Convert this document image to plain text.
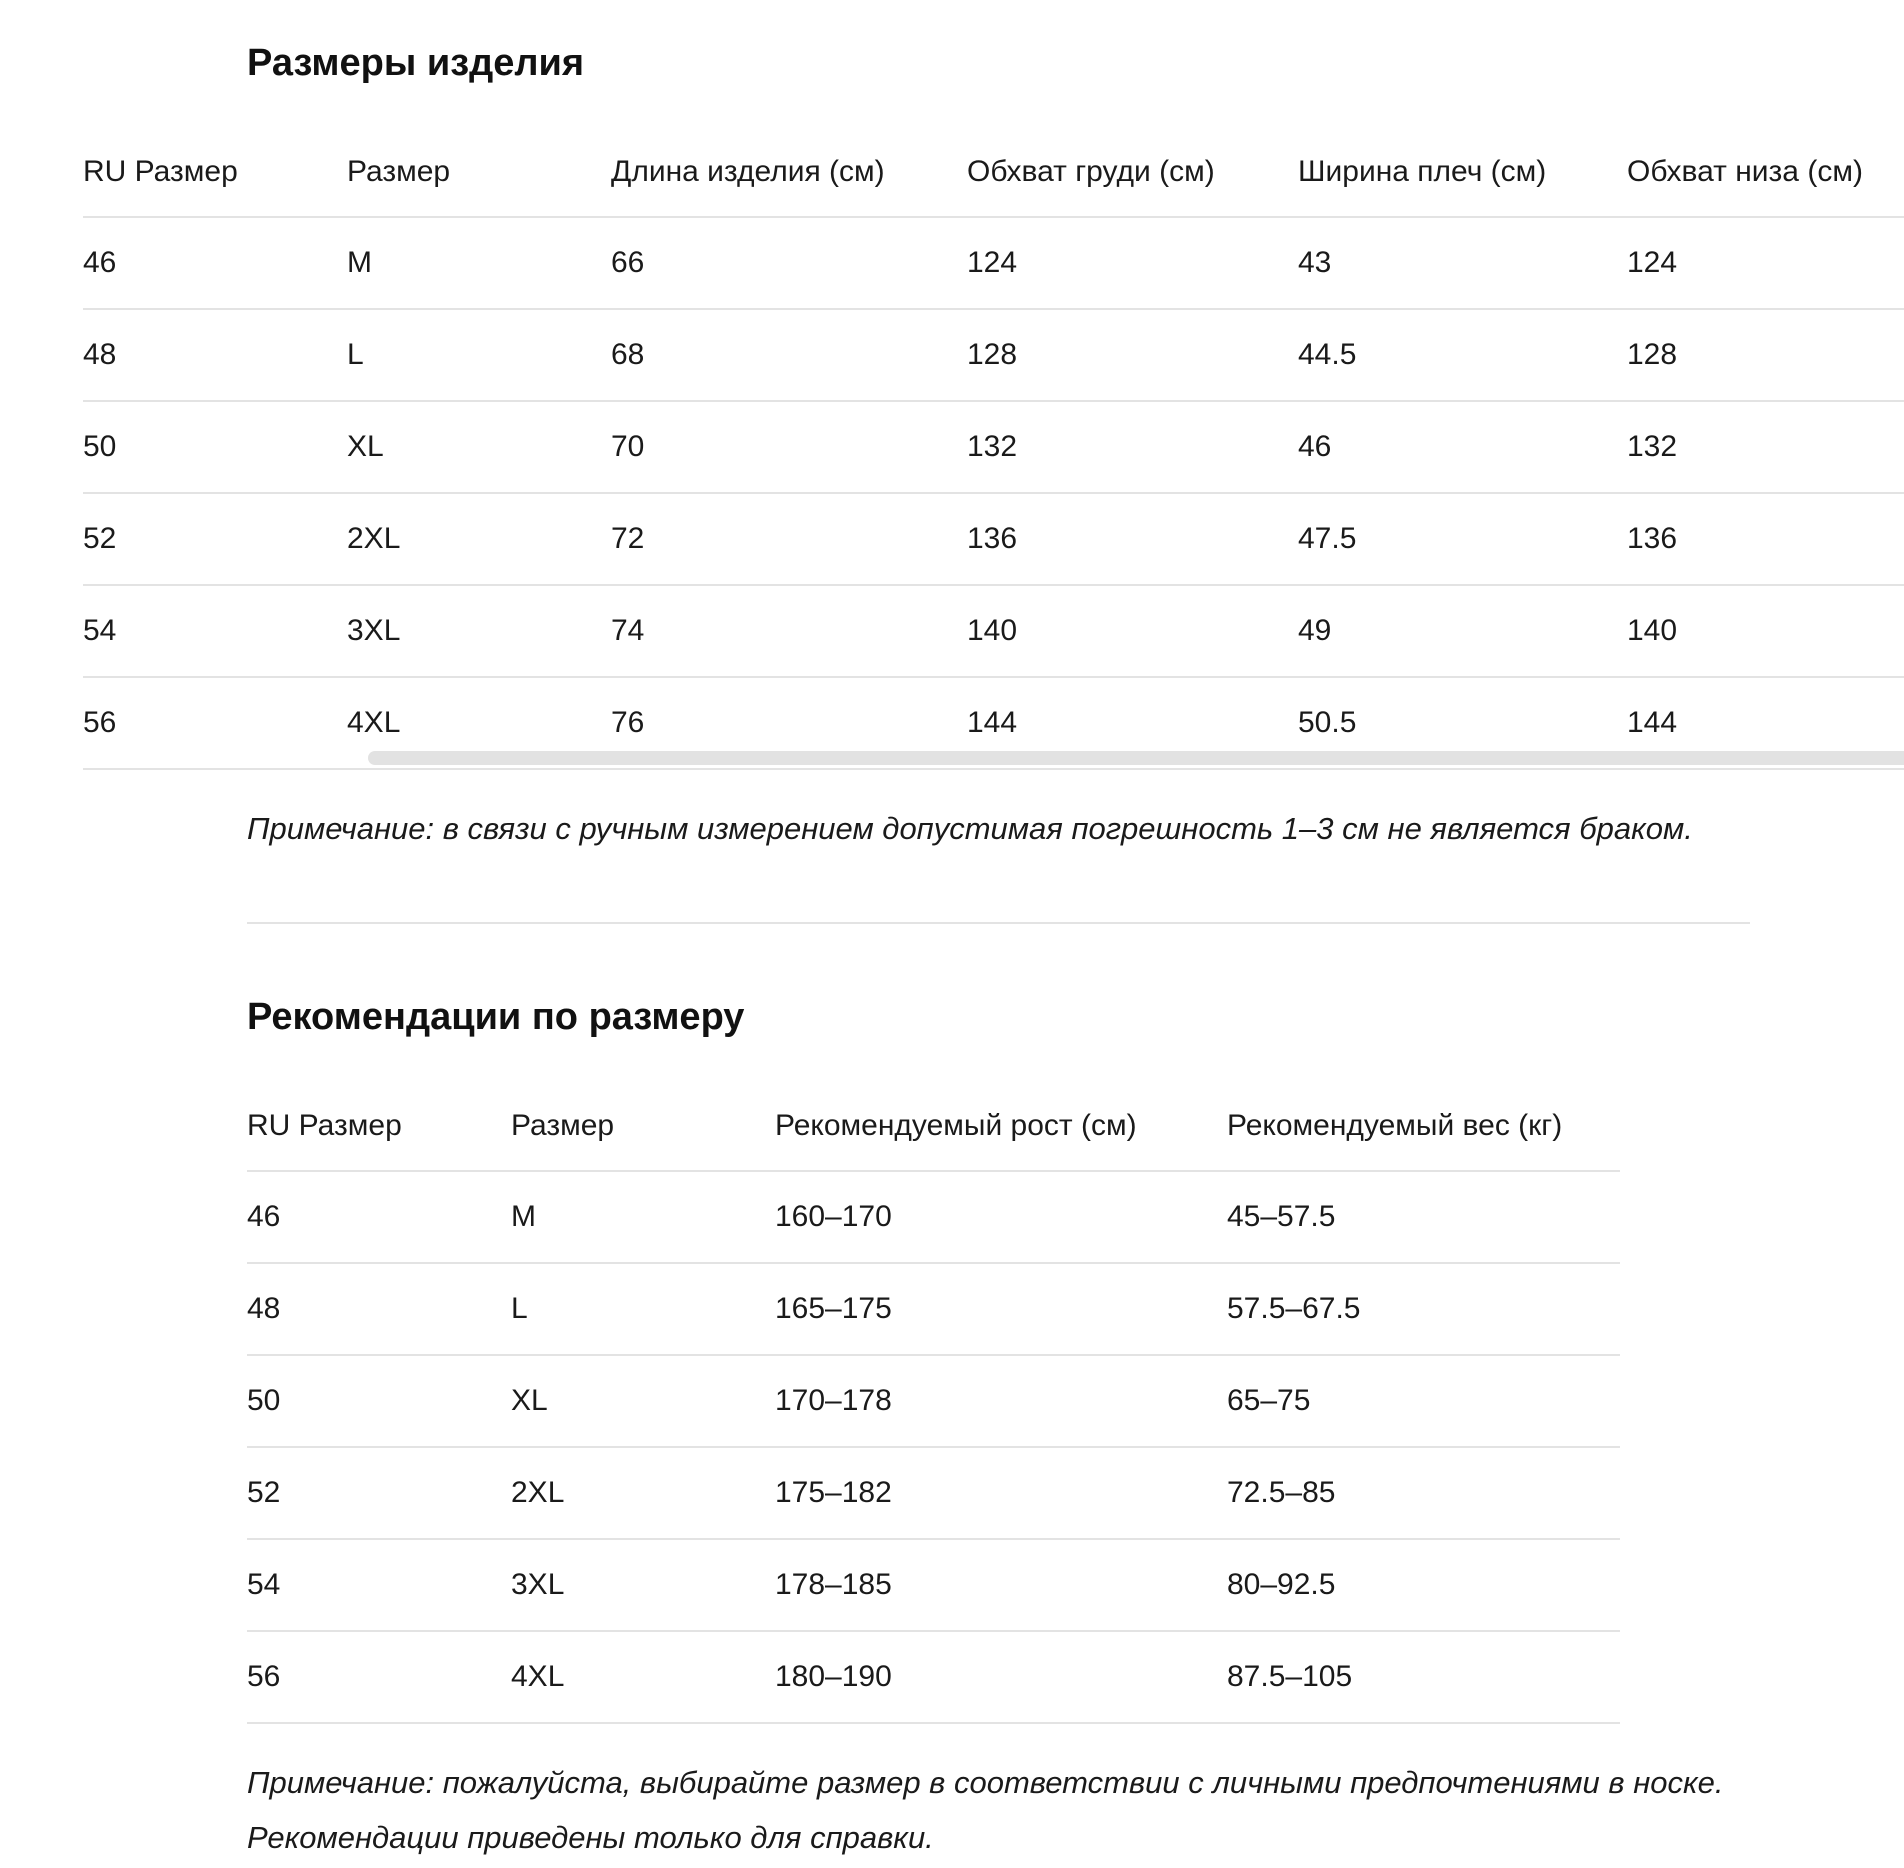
Размеры изделия
RU Размер	Размер	Длина изделия (см)	Обхват груди (см)	Ширина плеч (см)	Обхват низа (см)
46	M	66	124	43	124
48	L	68	128	44.5	128
50	XL	70	132	46	132
52	2XL	72	136	47.5	136
54	3XL	74	140	49	140
56	4XL	76	144	50.5	144

Примечание: в связи с ручным измерением допустимая погрешность 1–3 см не является браком.

Рекомендации по размеру
RU Размер	Размер	Рекомендуемый рост (см)	Рекомендуемый вес (кг)
46	M	160–170	45–57.5
48	L	165–175	57.5–67.5
50	XL	170–178	65–75
52	2XL	175–182	72.5–85
54	3XL	178–185	80–92.5
56	4XL	180–190	87.5–105

Примечание: пожалуйста, выбирайте размер в соответствии с личными предпочтениями в носке.

Рекомендации приведены только для справки.
